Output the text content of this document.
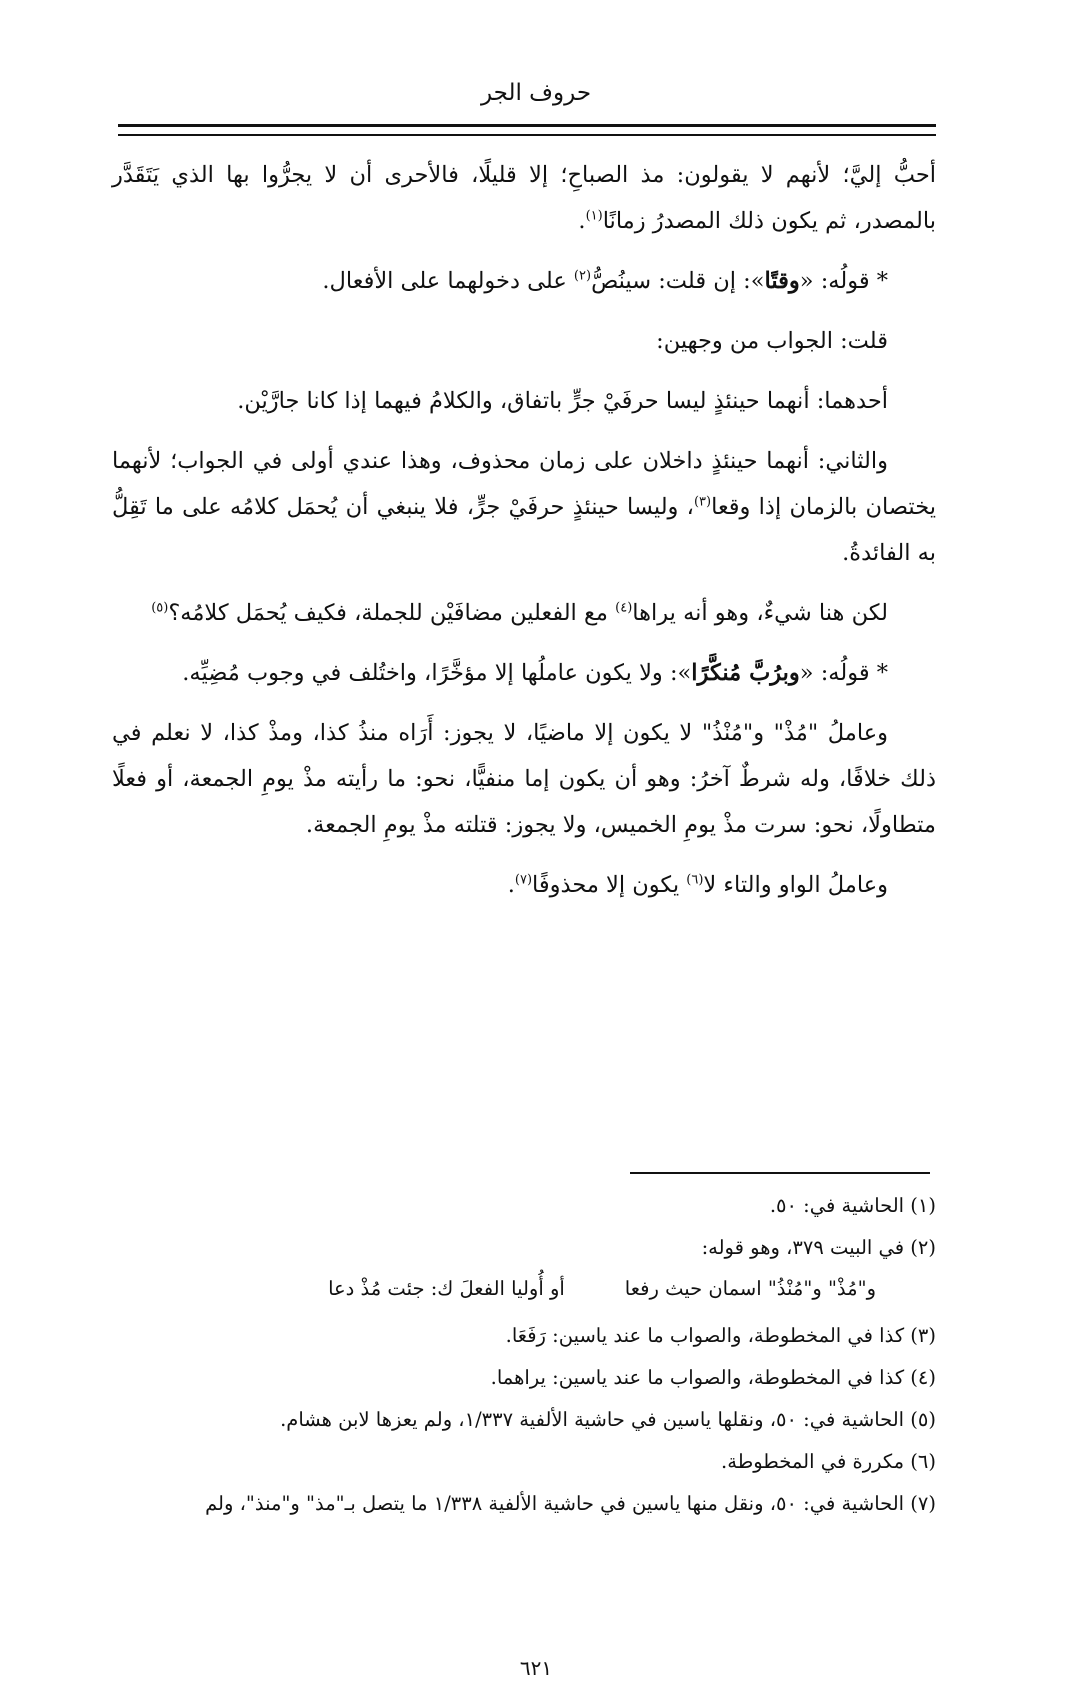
حروف الجر

أحبُّ إليَّ؛ لأنهم لا يقولون: مذ الصباحِ؛ إلا قليلًا، فالأحرى أن لا يجرُّوا بها الذي يَتَقَدَّر بالمصدر، ثم يكون ذلك المصدرُ زمانًا$^{(١)}$.

* قولُه: «وقتًا»: إن قلت: سينُصُّ$^{(٢)}$ على دخولهما على الأفعال.

قلت: الجواب من وجهين:

أحدهما: أنهما حينئذٍ ليسا حرفَيْ جرٍّ باتفاق، والكلامُ فيهما إذا كانا جارَّيْن.

والثاني: أنهما حينئذٍ داخلان على زمان محذوف، وهذا عندي أولى في الجواب؛ لأنهما يختصان بالزمان إذا وقعا$^{(٣)}$، وليسا حينئذٍ حرفَيْ جرٍّ، فلا ينبغي أن يُحمَل كلامُه على ما تَقِلُّ به الفائدةُ.

لكن هنا شيءٌ، وهو أنه يراها$^{(٤)}$ مع الفعلين مضافَيْن للجملة، فكيف يُحمَل كلامُه؟$^{(٥)}$

* قولُه: «وبرُبَّ مُنكَّرًا»: ولا يكون عاملُها إلا مؤخَّرًا، واختُلف في وجوب مُضِيِّه.

وعاملُ "مُذْ" و"مُنْذُ" لا يكون إلا ماضيًا، لا يجوز: أَرَاه منذُ كذا، ومذْ كذا، لا نعلم في ذلك خلافًا، وله شرطٌ آخرُ: وهو أن يكون إما منفيًّا، نحو: ما رأيته مذْ يومِ الجمعة، أو فعلًا متطاولًا، نحو: سرت مذْ يومِ الخميس، ولا يجوز: قتلته مذْ يومِ الجمعة.

وعاملُ الواو والتاء لا$^{(٦)}$ يكون إلا محذوفًا$^{(٧)}$.

(١) الحاشية في: ٥٠.

(٢) في البيت ٣٧٩، وهو قوله:

و"مُذْ" و"مُنْذُ" اسمان حيث رفعا
أو أُوليا الفعلَ ك: جئت مُذْ دعا

(٣) كذا في المخطوطة، والصواب ما عند ياسين: رَفَعَا.

(٤) كذا في المخطوطة، والصواب ما عند ياسين: يراهما.

(٥) الحاشية في: ٥٠، ونقلها ياسين في حاشية الألفية ١/٣٣٧، ولم يعزها لابن هشام.

(٦) مكررة في المخطوطة.

(٧) الحاشية في: ٥٠، ونقل منها ياسين في حاشية الألفية ١/٣٣٨ ما يتصل بـ"مذ" و"منذ"، ولم

٦٢١
